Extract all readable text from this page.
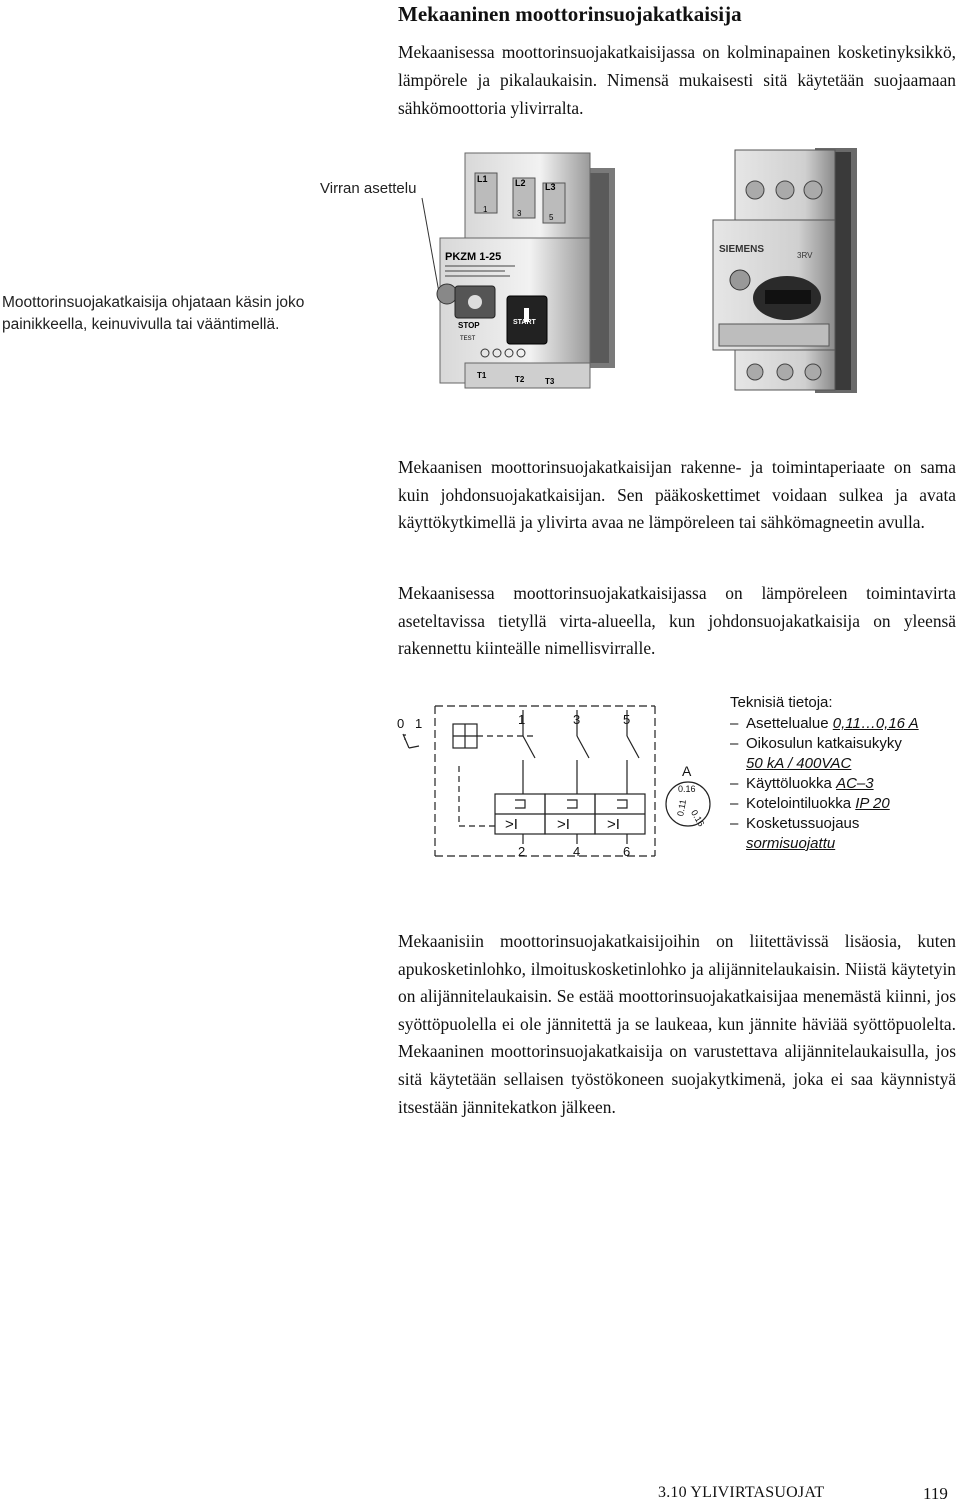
Mekaaninen moottorinsuojakatkaisija

Mekaanisessa moottorinsuojakatkaisijassa on kolminapainen kosketinyksikkö, lämpörele ja pikalaukaisin. Nimensä mukaisesti sitä käytetään suojaamaan sähkömoottoria ylivirralta.

Virran asettelu
Moottorinsuojakatkaisija ohjataan käsin joko painikkeella, keinuvivulla tai vääntimellä.
L1	L2 L3
1	3	5
PKZM 1-25
STOP	START
TEST
T1	T2	T3
SIEMENS
3RV

Mekaanisen moottorinsuojakatkaisijan rakenne- ja toimintaperiaate on sama kuin johdonsuojakatkaisijan. Sen pääkoskettimet voidaan sulkea ja avata käyttökytkimellä ja ylivirta avaa ne lämpöreleen tai sähkömagneetin avulla.

Mekaanisessa moottorinsuojakatkaisijassa on lämpöreleen toimintavirta aseteltavissa tietyllä virta-alueella, kun johdonsuojakatkaisija on yleensä rakennettu kiinteälle nimellisvirralle.

0 1	1	3	5
2	4	6
>I	>I >I
A
0.16
0.11
0.16
Teknisiä tietoja:
– Asettelualue 0,11…0,16 A
– Oikosulun katkaisukyky
50 kA / 400VAC
– Käyttöluokka AC–3
– Kotelointiluokka IP 20
– Kosketussuojaus
sormisuojattu

Mekaanisiin moottorinsuojakatkaisijoihin on liitettävissä lisäosia, kuten apukosketinlohko, ilmoituskosketinlohko ja alijännitelaukaisin. Niistä käytetyin on alijännitelaukaisin. Se estää moottorinsuojakatkaisijaa menemästä kiinni, jos syöttöpuolella ei ole jännitettä ja se laukeaa, kun jännite häviää syöttöpuolelta. Mekaaninen moottorinsuojakatkaisija on varustettava alijännitelaukaisulla, jos sitä käytetään sellaisen työstökoneen suojakytkimenä, joka ei saa käynnistyä itsestään jännitekatkon jälkeen.

3.10 YLIVIRTASUOJAT	119
